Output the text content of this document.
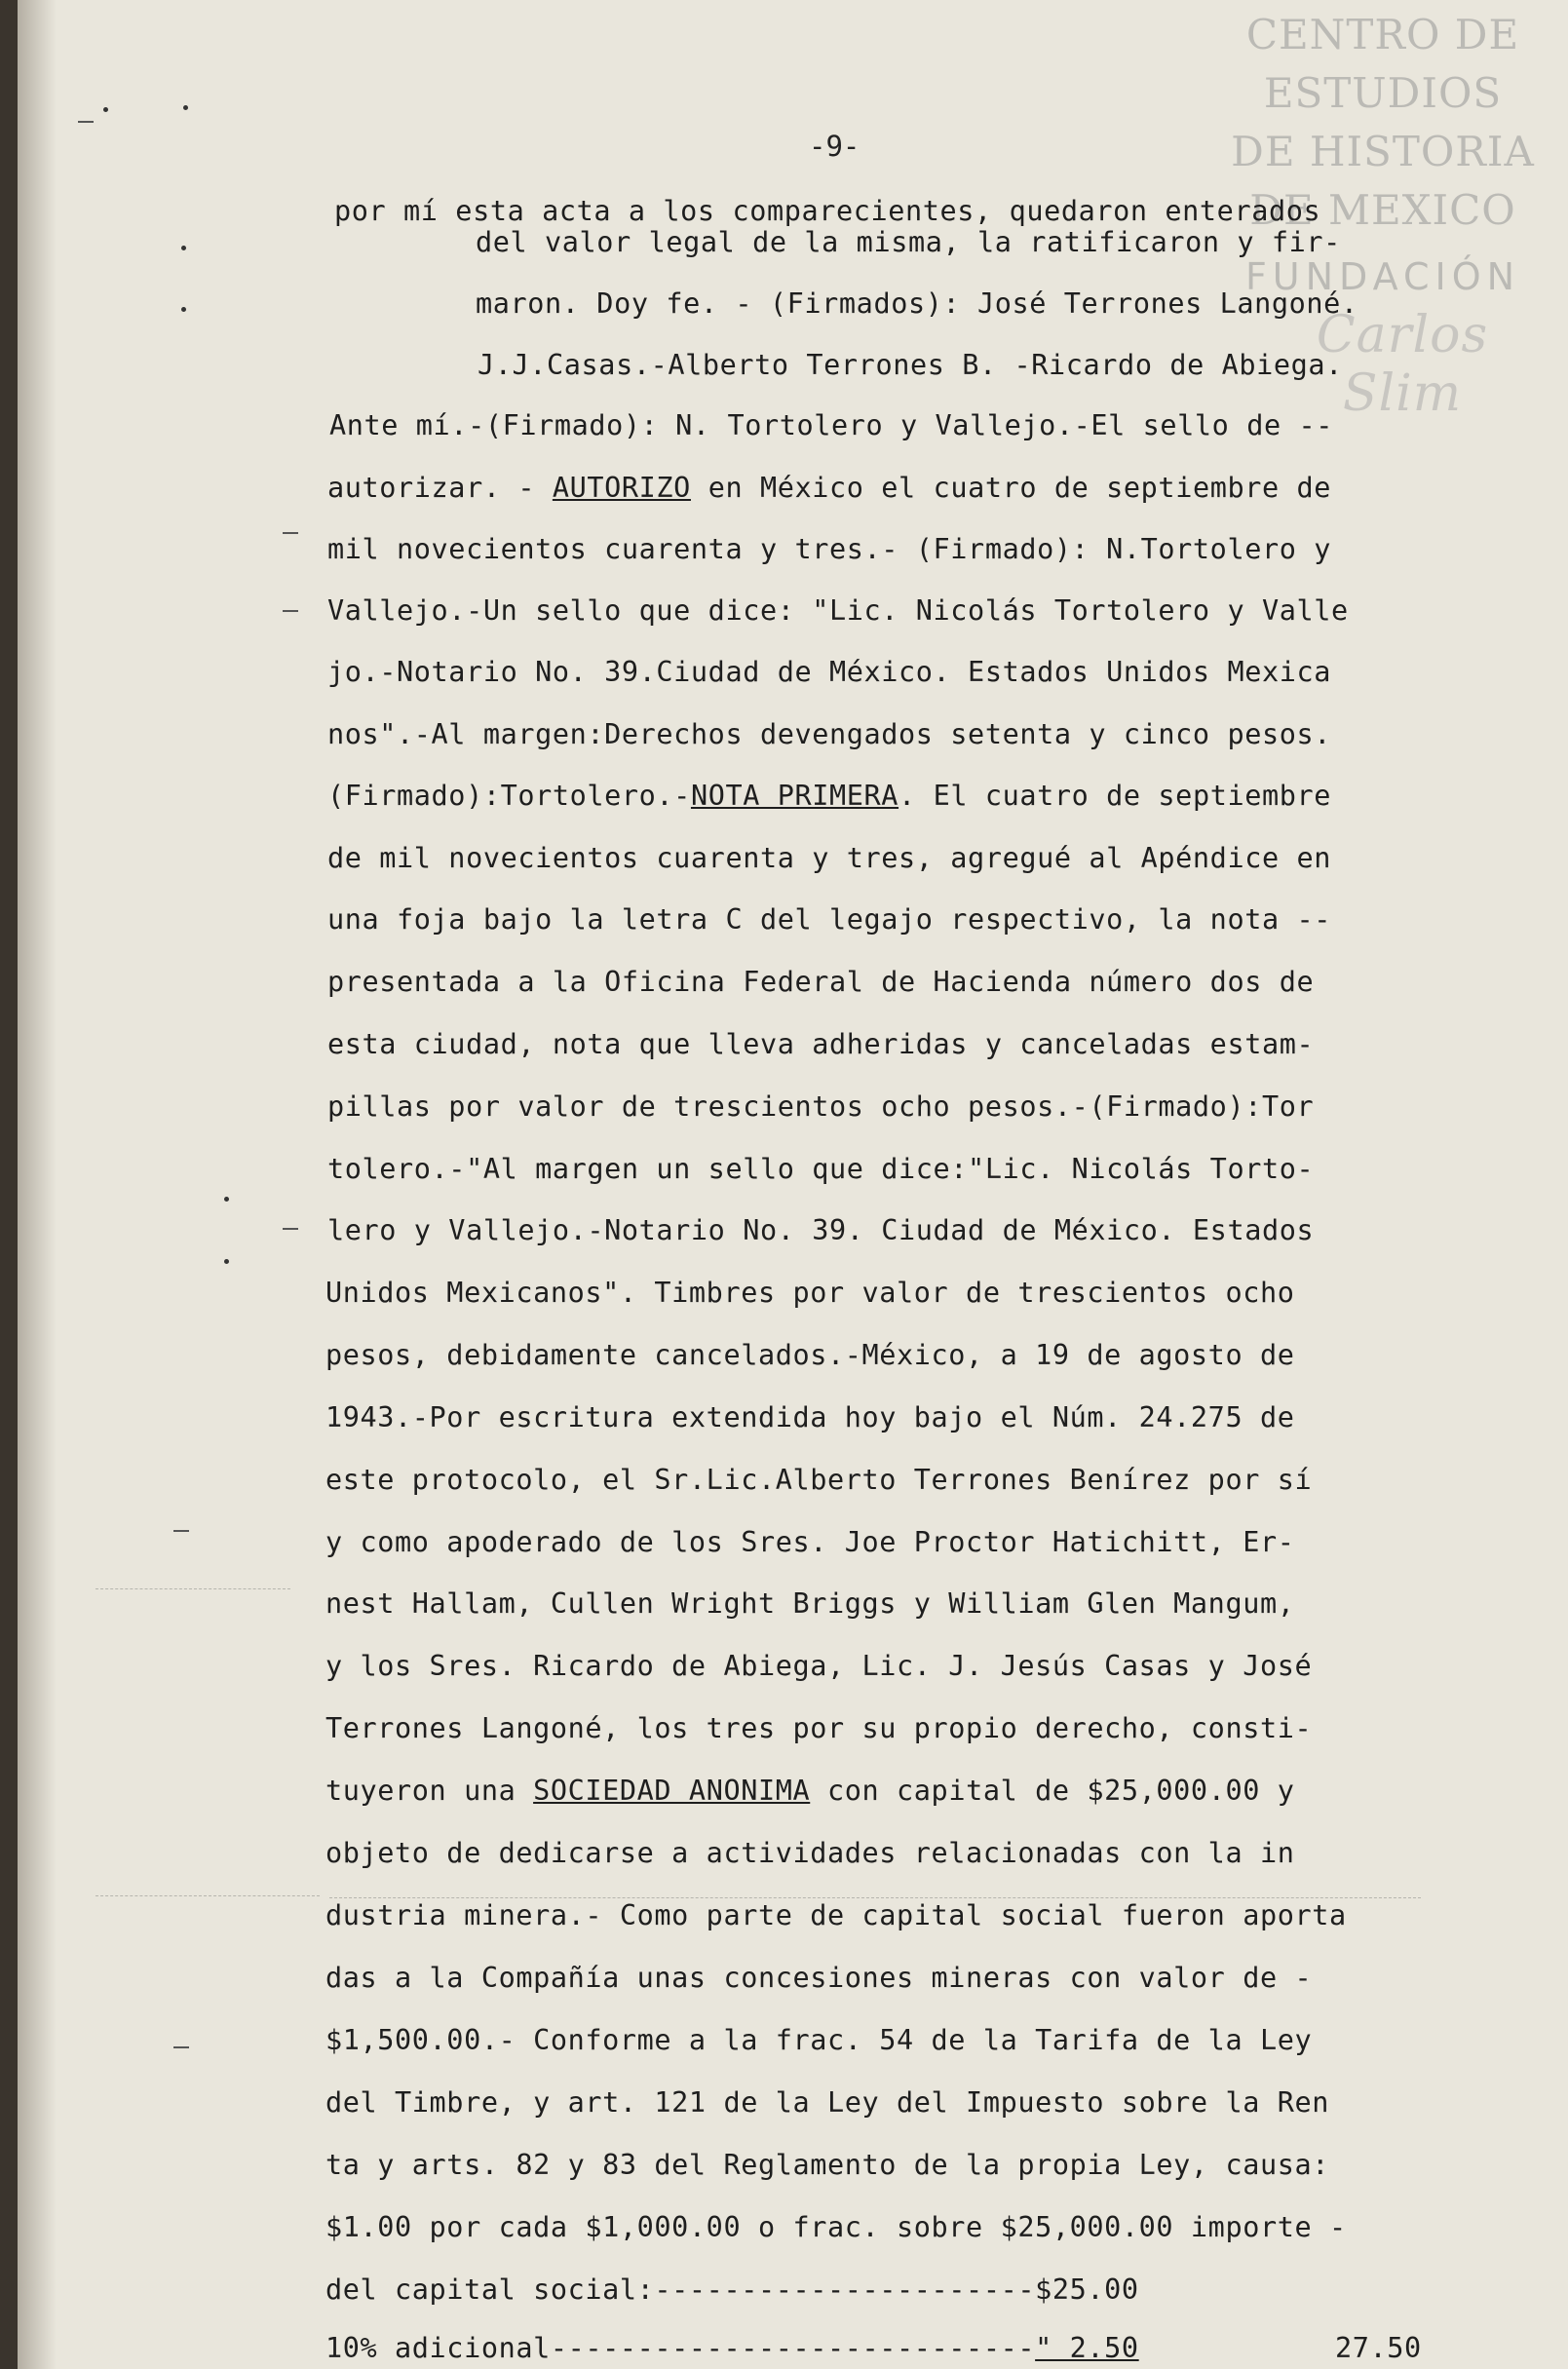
CENTRO DE
ESTUDIOS
DE HISTORIA
DE MEXICO
FUNDACIÓN
Carlos Slim
-9-
por mí esta acta a los comparecientes, quedaron enterados
del valor legal de la misma, la ratificaron y fir-
maron. Doy fe. - (Firmados): José Terrones Langoné.
J.J.Casas.-Alberto Terrones B. -Ricardo de Abiega.
Ante mí.-(Firmado): N. Tortolero y Vallejo.-El sello de --
autorizar. - AUTORIZO en México el cuatro de septiembre de
mil novecientos cuarenta y tres.- (Firmado): N.Tortolero y
Vallejo.-Un sello que dice: "Lic. Nicolás Tortolero y Valle
jo.-Notario No. 39.Ciudad de México. Estados Unidos Mexica
nos".-Al margen:Derechos devengados setenta y cinco pesos.
(Firmado):Tortolero.-NOTA PRIMERA. El cuatro de septiembre
de mil novecientos cuarenta y tres, agregué al Apéndice en
una foja bajo la letra C del legajo respectivo, la nota --
presentada a la Oficina Federal de Hacienda número dos de
esta ciudad, nota que lleva adheridas y canceladas estam-
pillas por valor de trescientos ocho pesos.-(Firmado):Tor
tolero.-"Al margen un sello que dice:"Lic. Nicolás Torto-
lero y Vallejo.-Notario No. 39. Ciudad de México. Estados
Unidos Mexicanos". Timbres por valor de trescientos ocho
pesos, debidamente cancelados.-México, a 19 de agosto de
1943.-Por escritura extendida hoy bajo el Núm. 24.275 de
este protocolo, el Sr.Lic.Alberto Terrones Benírez por sí
y como apoderado de los Sres. Joe Proctor Hatichitt, Er-
nest Hallam, Cullen Wright Briggs y William Glen Mangum,
y los Sres. Ricardo de Abiega, Lic. J. Jesús Casas y José
Terrones Langoné, los tres por su propio derecho, consti-
tuyeron una SOCIEDAD ANONIMA con capital de $25,000.00 y
objeto de dedicarse a actividades relacionadas con la in
dustria minera.- Como parte de capital social fueron aporta
das a la Compañía unas concesiones mineras con valor de -
$1,500.00.- Conforme a la frac. 54 de la Tarifa de la Ley
del Timbre, y art. 121 de la Ley del Impuesto sobre la Ren
ta y arts. 82 y 83 del Reglamento de la propia Ley, causa:
$1.00 por cada $1,000.00 o frac. sobre $25,000.00 importe -
del capital social:----------------------$25.00
10% adicional----------------------------" 2.50	27.50
